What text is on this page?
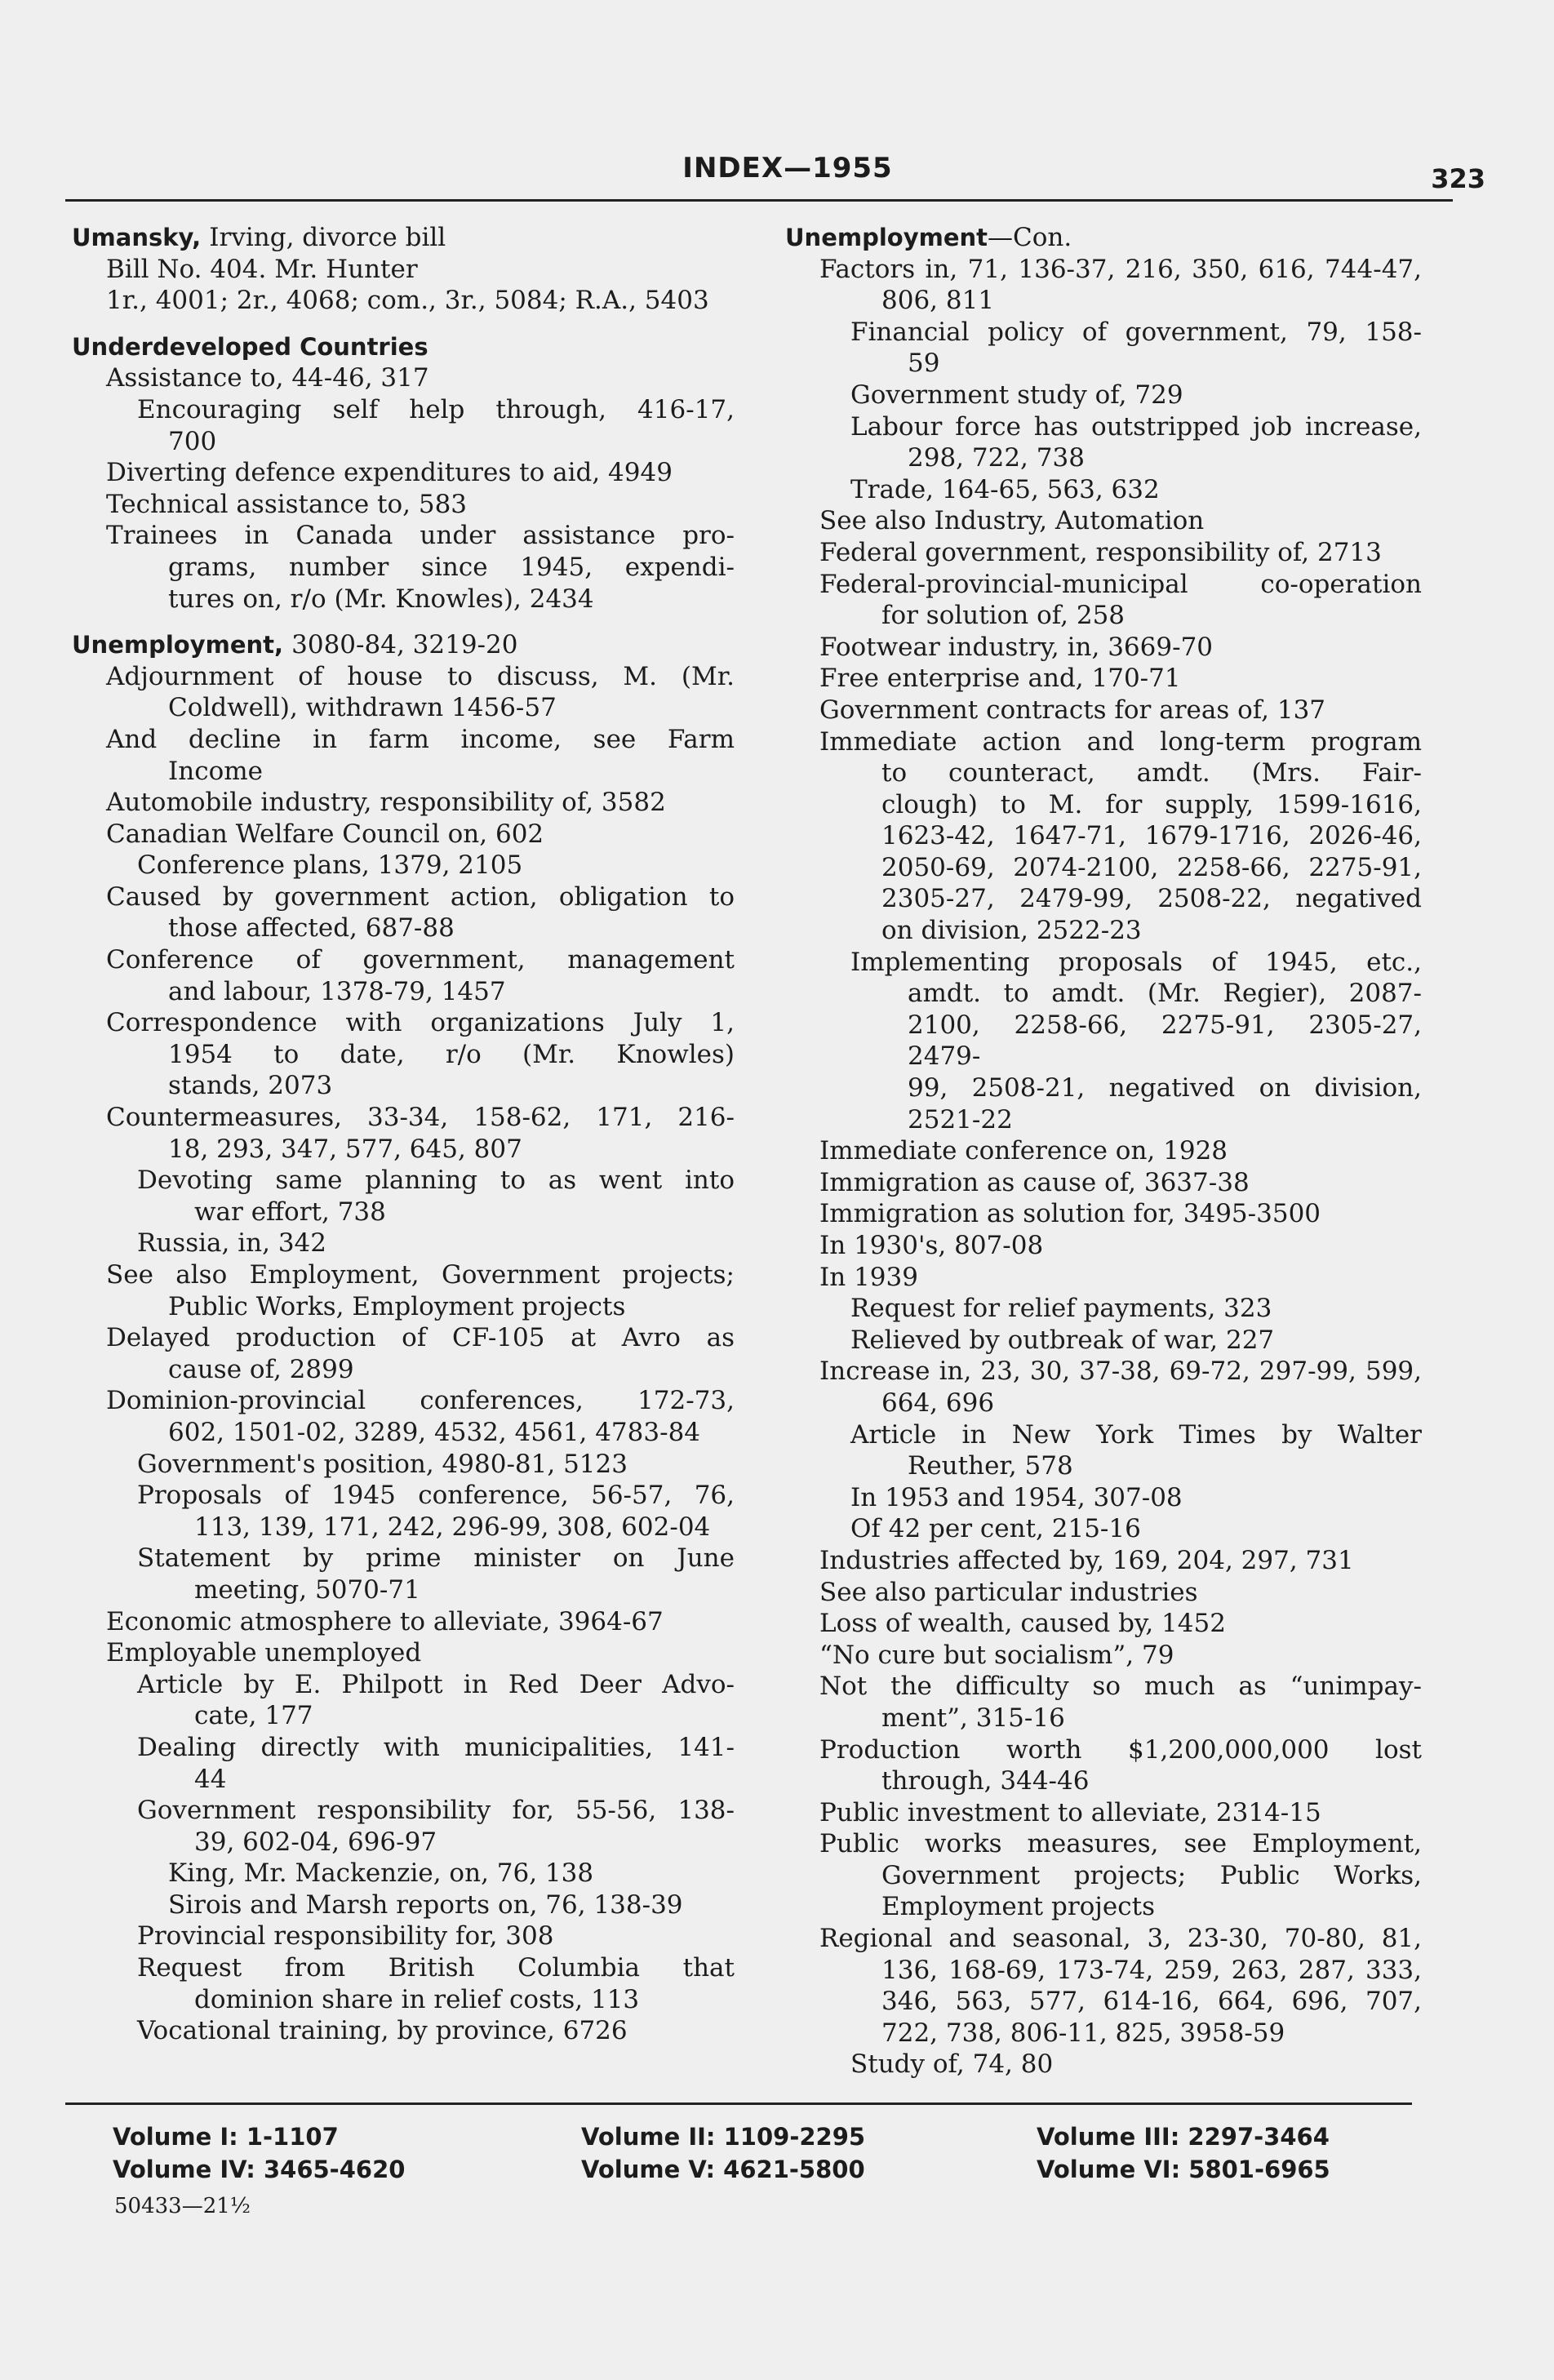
INDEX—1955	323
Umansky, Irving, divorce bill
Bill No. 404. Mr. Hunter
1r., 4001; 2r., 4068; com., 3r., 5084; R.A., 5403
Underdeveloped Countries
Assistance to, 44-46, 317
Encouraging self help through, 416-17,
700
Diverting defence expenditures to aid, 4949
Technical assistance to, 583
Trainees in Canada under assistance pro-
grams, number since 1945, expendi-
tures on, r/o (Mr. Knowles), 2434
Unemployment, 3080-84, 3219-20
Adjournment of house to discuss, M. (Mr.
Coldwell), withdrawn 1456-57
And decline in farm income, see Farm
Income
Automobile industry, responsibility of, 3582
Canadian Welfare Council on, 602
Conference plans, 1379, 2105
Caused by government action, obligation to
those affected, 687-88
Conference of government, management
and labour, 1378-79, 1457
Correspondence with organizations July 1,
1954 to date, r/o (Mr. Knowles)
stands, 2073
Countermeasures, 33-34, 158-62, 171, 216-
18, 293, 347, 577, 645, 807
Devoting same planning to as went into
war effort, 738
Russia, in, 342
See also Employment, Government projects;
Public Works, Employment projects
Delayed production of CF-105 at Avro as
cause of, 2899
Dominion-provincial conferences, 172-73,
602, 1501-02, 3289, 4532, 4561, 4783-84
Government's position, 4980-81, 5123
Proposals of 1945 conference, 56-57, 76,
113, 139, 171, 242, 296-99, 308, 602-04
Statement by prime minister on June
meeting, 5070-71
Economic atmosphere to alleviate, 3964-67
Employable unemployed
Article by E. Philpott in Red Deer Advo-
cate, 177
Dealing directly with municipalities, 141-
44
Government responsibility for, 55-56, 138-
39, 602-04, 696-97
King, Mr. Mackenzie, on, 76, 138
Sirois and Marsh reports on, 76, 138-39
Provincial responsibility for, 308
Request from British Columbia that
dominion share in relief costs, 113
Vocational training, by province, 6726
Unemployment—Con.
Factors in, 71, 136-37, 216, 350, 616, 744-47,
806, 811
Financial policy of government, 79, 158-
59
Government study of, 729
Labour force has outstripped job increase,
298, 722, 738
Trade, 164-65, 563, 632
See also Industry, Automation
Federal government, responsibility of, 2713
Federal-provincial-municipal co-operation
for solution of, 258
Footwear industry, in, 3669-70
Free enterprise and, 170-71
Government contracts for areas of, 137
Immediate action and long-term program
to counteract, amdt. (Mrs. Fair-
clough) to M. for supply, 1599-1616,
1623-42, 1647-71, 1679-1716, 2026-46,
2050-69, 2074-2100, 2258-66, 2275-91,
2305-27, 2479-99, 2508-22, negatived
on division, 2522-23
Implementing proposals of 1945, etc.,
amdt. to amdt. (Mr. Regier), 2087-
2100, 2258-66, 2275-91, 2305-27, 2479-
99, 2508-21, negatived on division,
2521-22
Immediate conference on, 1928
Immigration as cause of, 3637-38
Immigration as solution for, 3495-3500
In 1930's, 807-08
In 1939
Request for relief payments, 323
Relieved by outbreak of war, 227
Increase in, 23, 30, 37-38, 69-72, 297-99, 599,
664, 696
Article in New York Times by Walter
Reuther, 578
In 1953 and 1954, 307-08
Of 42 per cent, 215-16
Industries affected by, 169, 204, 297, 731
See also particular industries
Loss of wealth, caused by, 1452
“No cure but socialism”, 79
Not the difficulty so much as “unimpay-
ment”, 315-16
Production worth $1,200,000,000 lost
through, 344-46
Public investment to alleviate, 2314-15
Public works measures, see Employment,
Government projects; Public Works,
Employment projects
Regional and seasonal, 3, 23-30, 70-80, 81,
136, 168-69, 173-74, 259, 263, 287, 333,
346, 563, 577, 614-16, 664, 696, 707,
722, 738, 806-11, 825, 3958-59
Study of, 74, 80
Volume I: 1-1107
Volume IV: 3465-4620
Volume II: 1109-2295
Volume V: 4621-5800
Volume III: 2297-3464
Volume VI: 5801-6965
50433—21½
